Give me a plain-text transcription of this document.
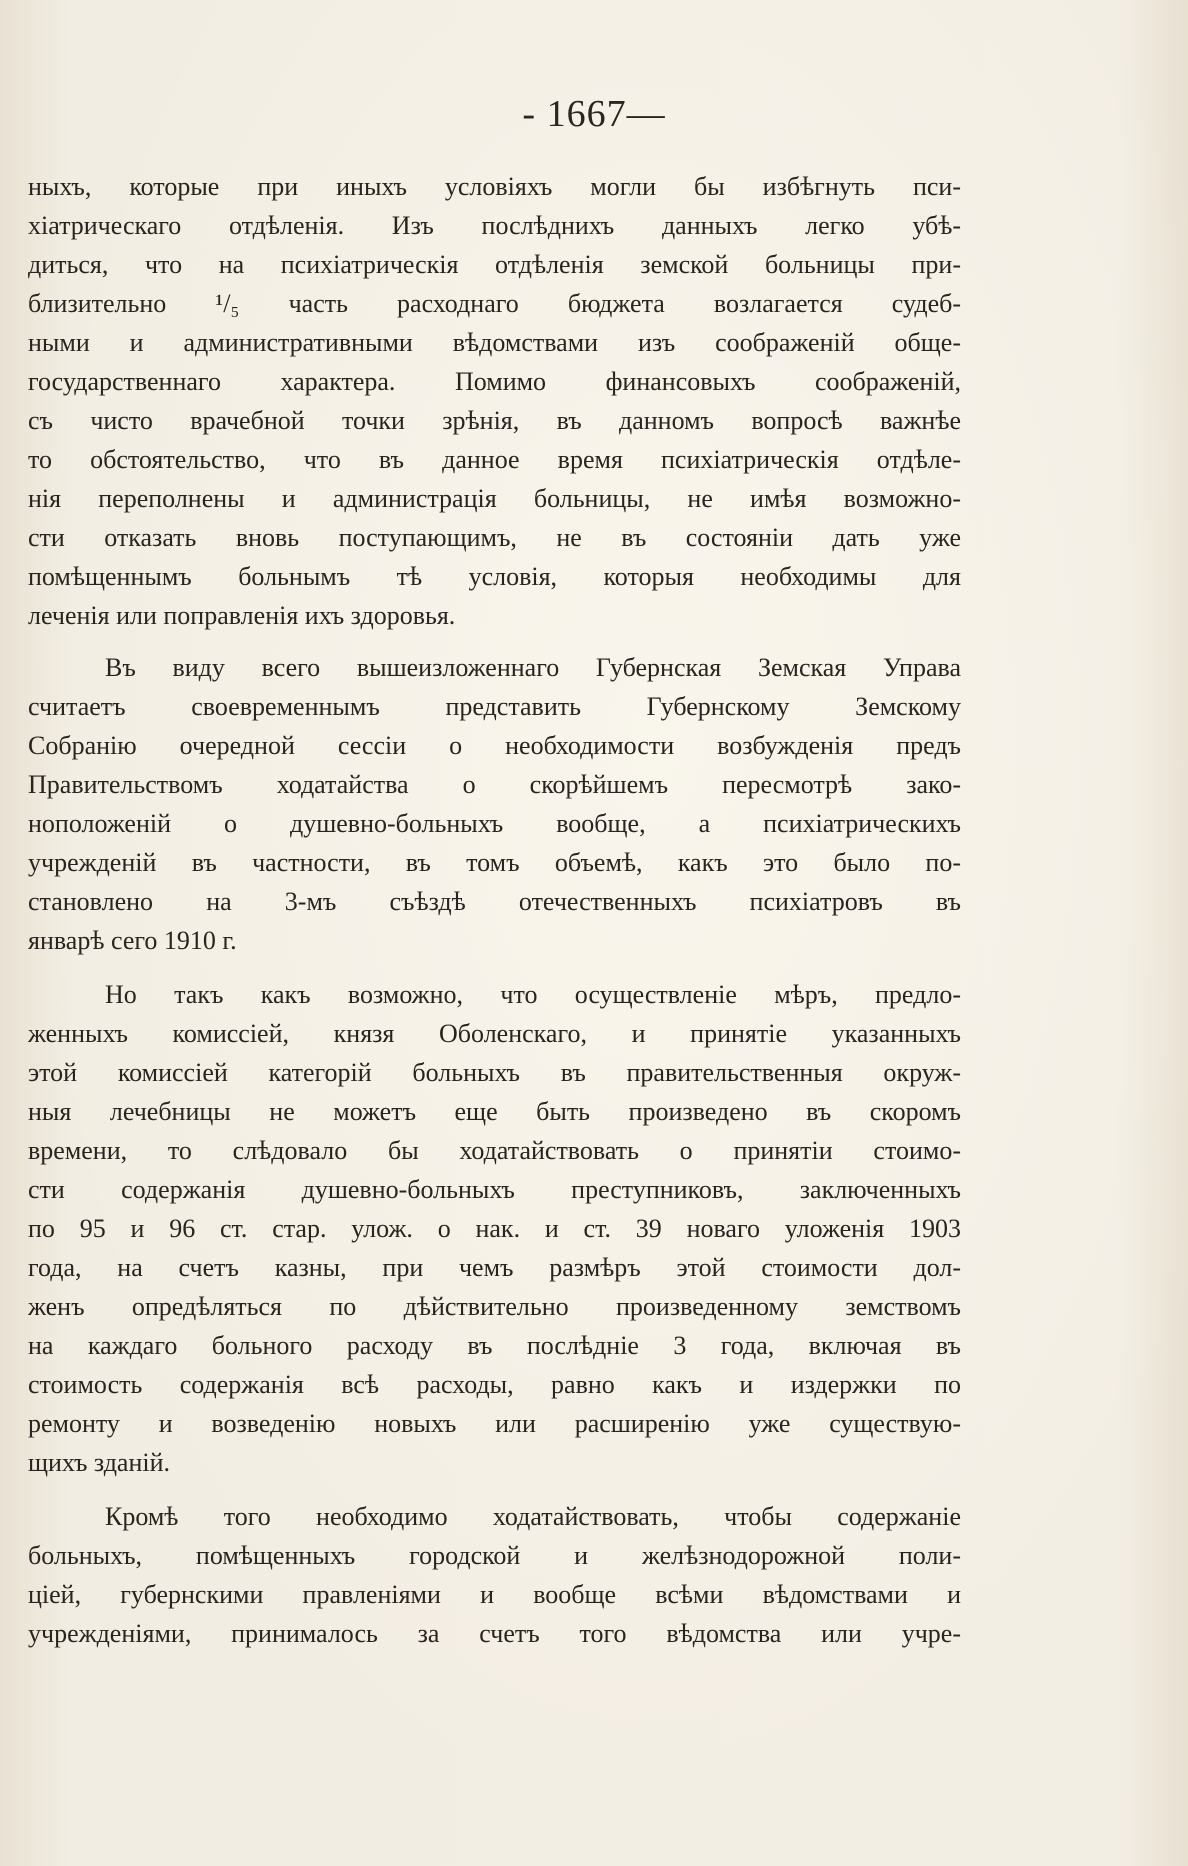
- 1667—
ныхъ, которые при иныхъ условiяхъ могли бы избѣгнуть пси-
хiатрическаго отдѣленiя. Изъ послѣднихъ данныхъ легко убѣ-
диться, что на психiатрическiя отдѣленiя земской больницы при-
близительно ¹/₅ часть расходнаго бюджета возлагается судеб-
ными и административными вѣдомствами изъ соображенiй обще-
государственнаго характера. Помимо финансовыхъ соображенiй,
съ чисто врачебной точки зрѣнiя, въ данномъ вопросѣ важнѣе
то обстоятельство, что въ данное время психiатрическiя отдѣле-
нiя переполнены и администрацiя больницы, не имѣя возможно-
сти отказать вновь поступающимъ, не въ состоянiи дать уже
помѣщеннымъ больнымъ тѣ условiя, которыя необходимы для
леченiя или поправленiя ихъ здоровья.
Въ виду всего вышеизложеннаго Губернская Земская Управа
считаетъ своевременнымъ представить Губернскому Земскому
Собранiю очередной сессiи о необходимости возбужденiя предъ
Правительствомъ ходатайства о скорѣйшемъ пересмотрѣ зако-
ноположенiй о душевно-больныхъ вообще, а психiатрическихъ
учрежденiй въ частности, въ томъ объемѣ, какъ это было по-
становлено на 3-мъ съѣздѣ отечественныхъ психiатровъ въ
январѣ сего 1910 г.
Но такъ какъ возможно, что осуществленiе мѣръ, предло-
женныхъ комиссiей, князя Оболенскаго, и принятiе указанныхъ
этой комиссiей категорiй больныхъ въ правительственныя окруж-
ныя лечебницы не можетъ еще быть произведено въ скоромъ
времени, то слѣдовало бы ходатайствовать о принятiи стоимо-
сти содержанiя душевно-больныхъ преступниковъ, заключенныхъ
по 95 и 96 ст. стар. улож. о нак. и ст. 39 новаго уложенiя 1903
года, на счетъ казны, при чемъ размѣръ этой стоимости дол-
женъ опредѣляться по дѣйствительно произведенному земствомъ
на каждаго больного расходу въ послѣднiе 3 года, включая въ
стоимость содержанiя всѣ расходы, равно какъ и издержки по
ремонту и возведенiю новыхъ или расширенiю уже существую-
щихъ зданiй.
Кромѣ того необходимо ходатайствовать, чтобы содержанiе
больныхъ, помѣщенныхъ городской и желѣзнодорожной поли-
цiей, губернскими правленiями и вообще всѣми вѣдомствами и
учрежденiями, принималось за счетъ того вѣдомства или учре-
